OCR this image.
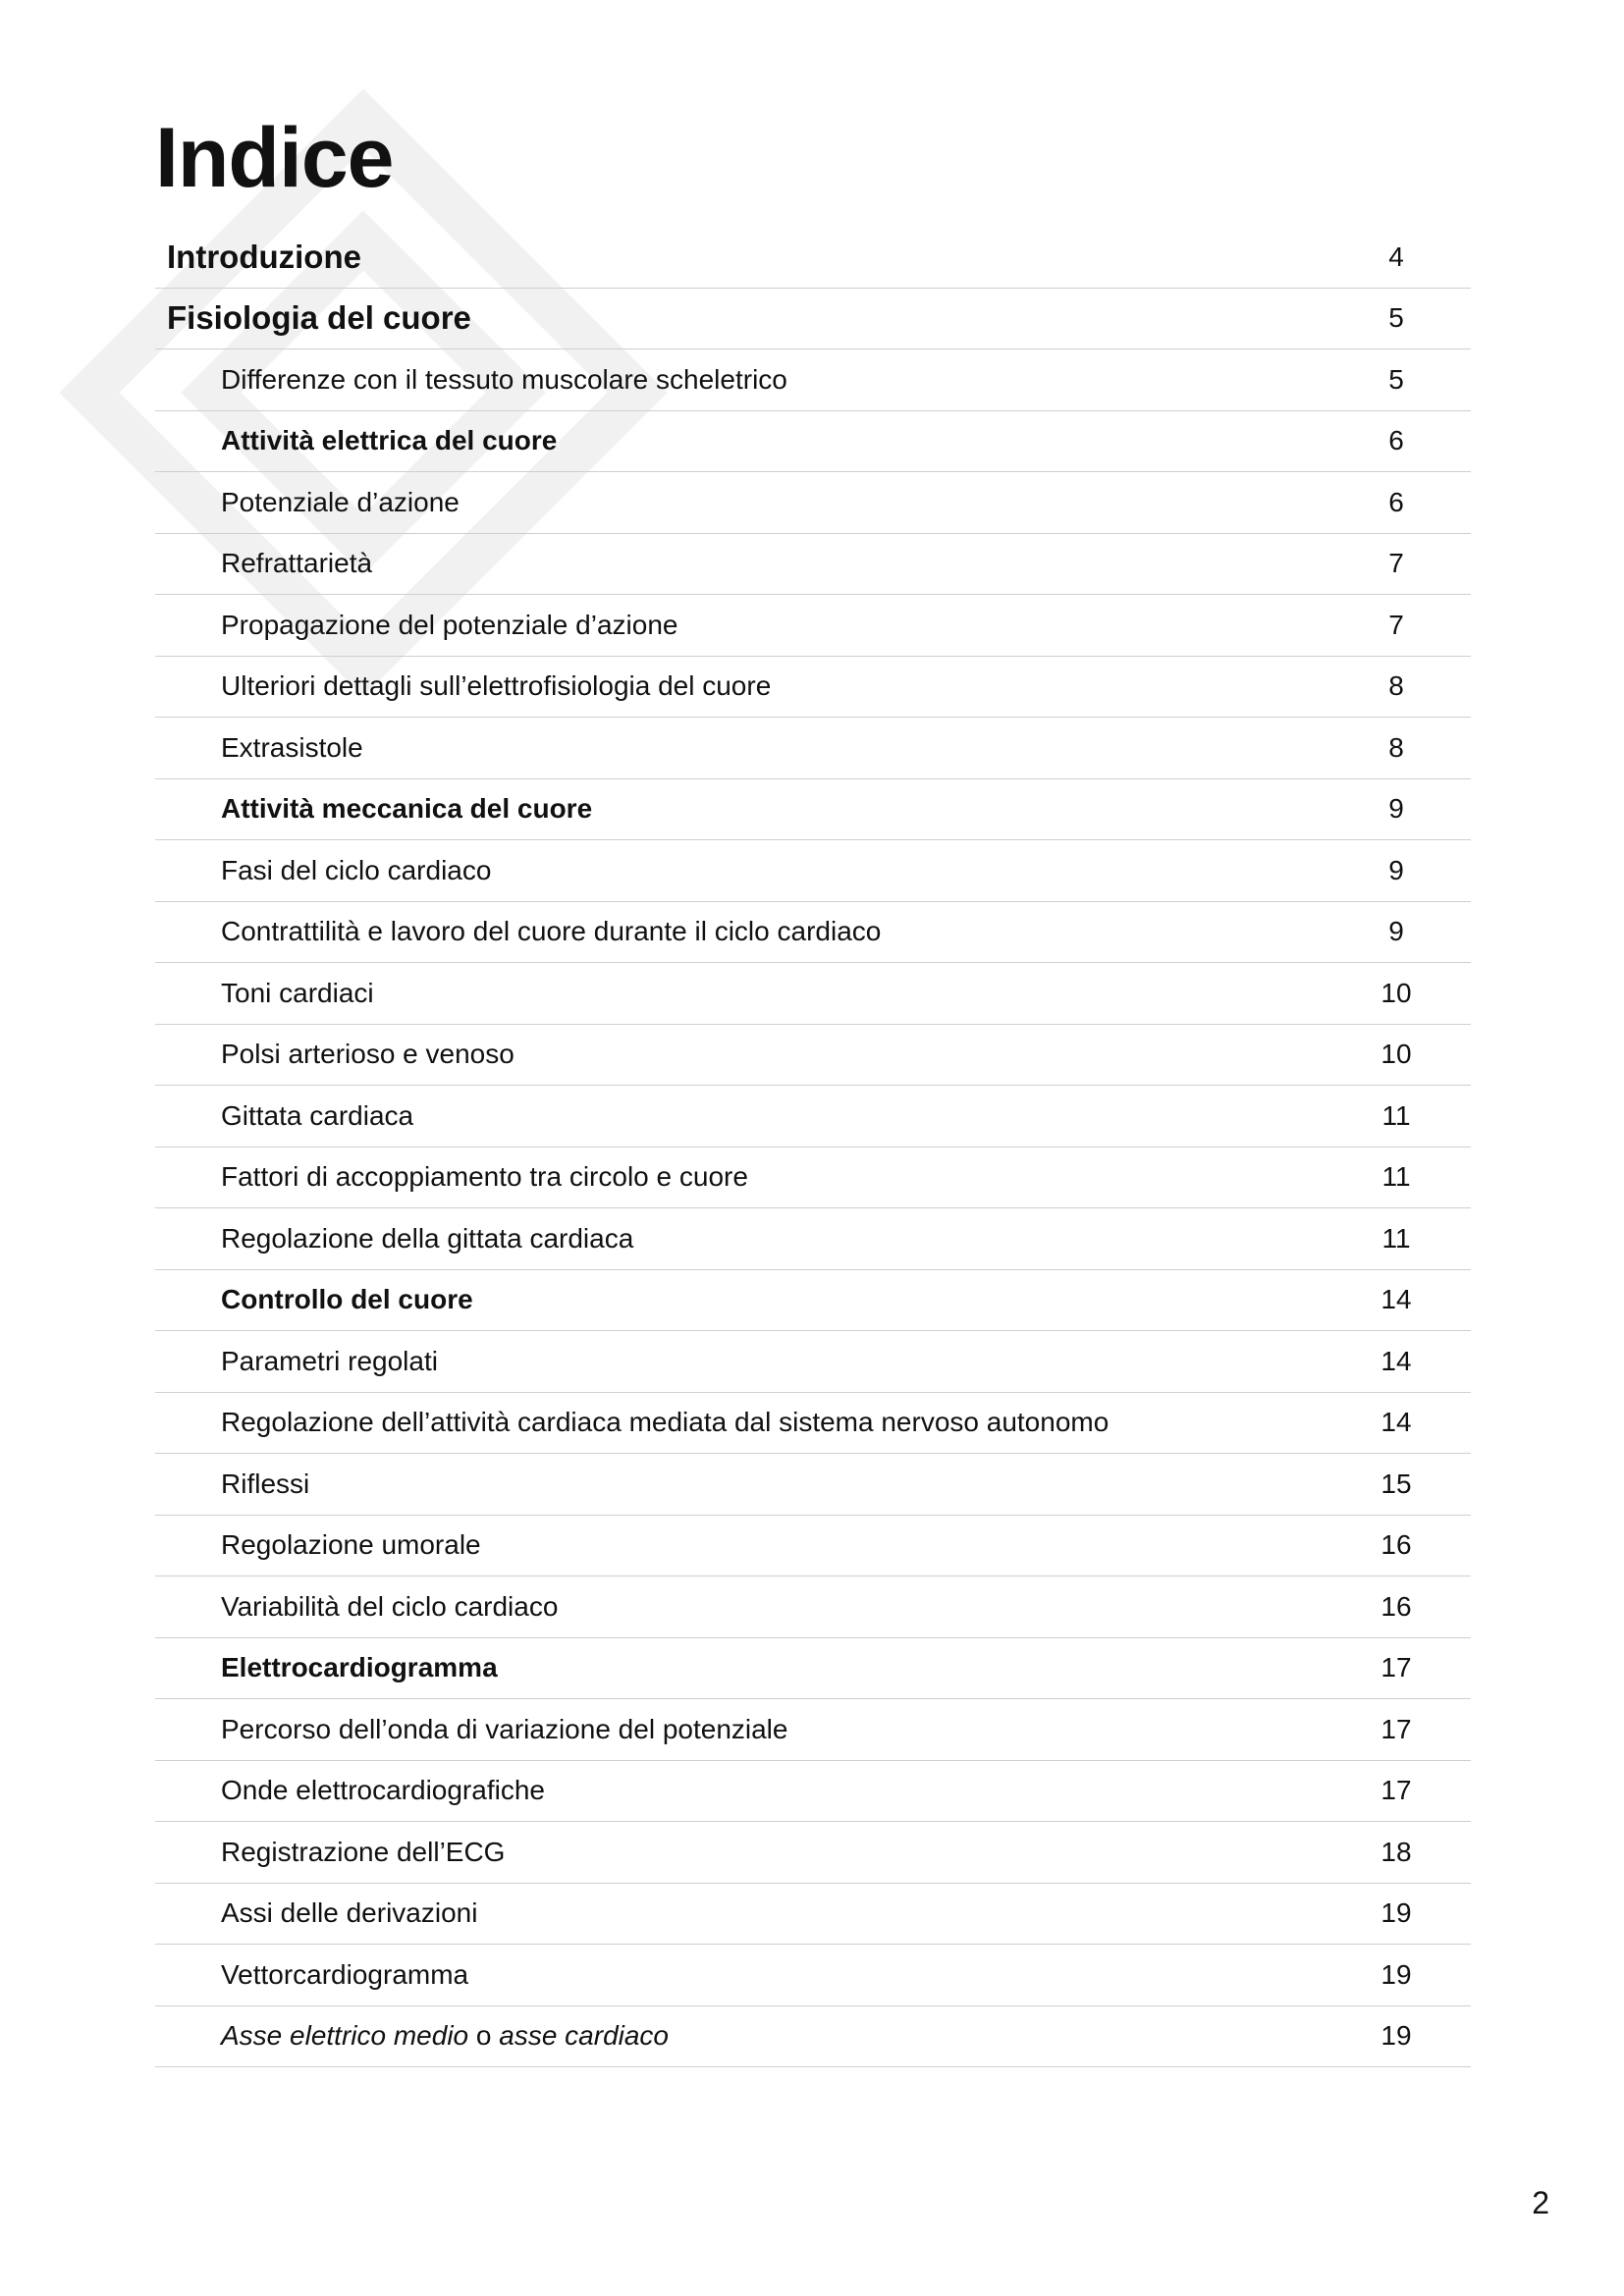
Indice
Introduzione	4
Fisiologia del cuore	5
Differenze con il tessuto muscolare scheletrico	5
Attività elettrica del cuore	6
Potenziale d’azione	6
Refrattarietà	7
Propagazione del potenziale d’azione	7
Ulteriori dettagli sull’elettrofisiologia del cuore	8
Extrasistole	8
Attività meccanica del cuore	9
Fasi del ciclo cardiaco	9
Contrattilità e lavoro del cuore durante il ciclo cardiaco	9
Toni cardiaci	10
Polsi arterioso e venoso	10
Gittata cardiaca	11
Fattori di accoppiamento tra circolo e cuore	11
Regolazione della gittata cardiaca	11
Controllo del cuore	14
Parametri regolati	14
Regolazione dell’attività cardiaca mediata dal sistema nervoso autonomo	14
Riflessi	15
Regolazione umorale	16
Variabilità del ciclo cardiaco	16
Elettrocardiogramma	17
Percorso dell’onda di variazione del potenziale	17
Onde elettrocardiografiche	17
Registrazione dell’ECG	18
Assi delle derivazioni	19
Vettorcardiogramma	19
Asse elettrico medio o asse cardiaco	19
2
